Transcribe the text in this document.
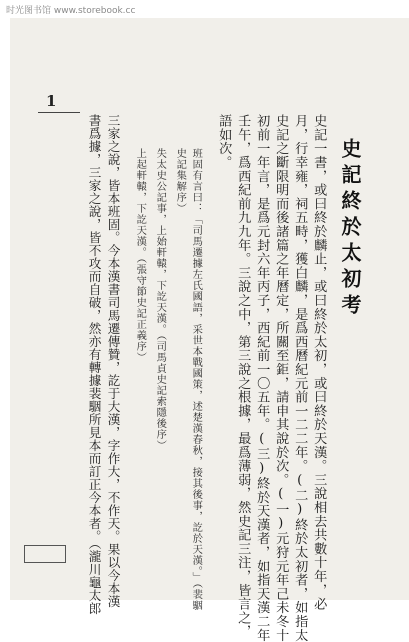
时光图书馆 www.storebook.cc
史記終於太初考
史記一書，或曰終於麟止，或曰終於太初，或曰終於天漢。三說相去共數十年，必
月，行幸雍，祠五畤，獲白麟，是爲西曆紀元前一二二年。(二)終於太初者，如指太
史記之斷限明而後諸篇之年曆定，所關至鉅，請申其說於次。(一)元狩元年己未冬十
初前一年言，是爲元封六年丙子，西紀前一〇五年。(三)終於天漢者，如指天漢二年
壬午，爲西紀前九九年。三說之中，第三說之根據，最爲薄弱，然史記三注，皆言之，
語如次。
班固有言曰：「司馬遷據左氏國語，采世本戰國策，述楚漢春秋，接其後事，訖於天漢。」（裴駰
史記集解序）
失太史公記事，上始軒轅，下訖天漢。（司馬貞史記索隱後序）
上起軒轅，下訖天漢。（張守節史記正義序）
三家之說，皆本班固。今本漢書司馬遷傳贊，訖于大漢，字作大，不作天。果以今本漢
書爲據，三家之說，皆不攻而自破，然亦有轉據裴駰所見本而訂正今本者。（瀧川龜太郎
1
